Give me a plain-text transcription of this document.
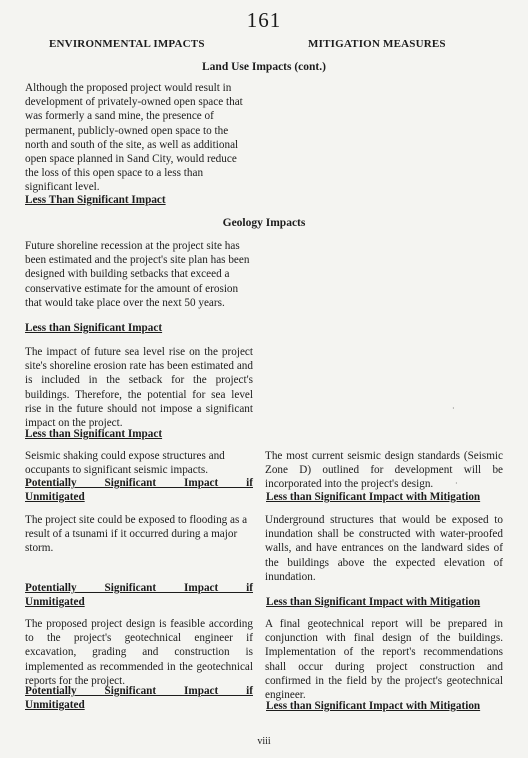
161
ENVIRONMENTAL IMPACTS	MITIGATION MEASURES
Land Use Impacts (cont.)
Although the proposed project would result in development of privately-owned open space that was formerly a sand mine, the presence of permanent, publicly-owned open space to the north and south of the site, as well as additional open space planned in Sand City, would reduce the loss of this open space to a less than significant level.
Less Than Significant Impact
Geology Impacts
Future shoreline recession at the project site has been estimated and the project's site plan has been designed with building setbacks that exceed a conservative estimate for the amount of erosion that would take place over the next 50 years.
Less than Significant Impact
The impact of future sea level rise on the project site's shoreline erosion rate has been estimated and is included in the setback for the project's buildings. Therefore, the potential for sea level rise in the future should not impose a significant impact on the project.
Less than Significant Impact
Seismic shaking could expose structures and occupants to significant seismic impacts.
Potentially Significant Impact if
Unmitigated
The project site could be exposed to flooding as a result of a tsunami if it occurred during a major storm.
Potentially Significant Impact if
Unmitigated
The proposed project design is feasible according to the project's geotechnical engineer if excavation, grading and construction is implemented as recommended in the geotechnical reports for the project.
Potentially Significant Impact if
Unmitigated
The most current seismic design standards (Seismic Zone D) outlined for development will be incorporated into the project's design.
Less than Significant Impact with Mitigation
Underground structures that would be exposed to inundation shall be constructed with water-proofed walls, and have entrances on the landward sides of the buildings above the expected elevation of inundation.
Less than Significant Impact with Mitigation
A final geotechnical report will be prepared in conjunction with final design of the buildings. Implementation of the report's recommendations shall occur during project construction and confirmed in the field by the project's geotechnical engineer.
Less than Significant Impact with Mitigation
·
·
viii
